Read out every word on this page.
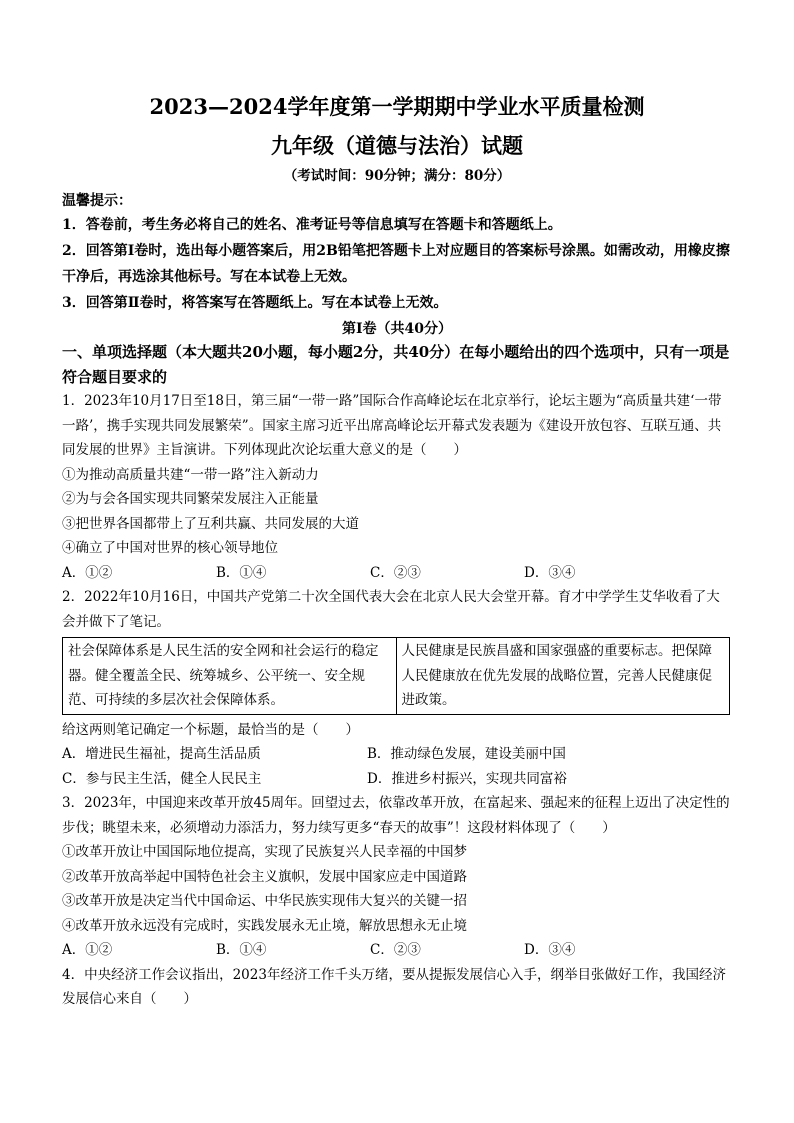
2023—2024学年度第一学期期中学业水平质量检测
九年级（道德与法治）试题
（考试时间：90分钟；满分：80分）
温馨提示：
1．答卷前，考生务必将自己的姓名、准考证号等信息填写在答题卡和答题纸上。
2．回答第Ⅰ卷时，选出每小题答案后，用2B铅笔把答题卡上对应题目的答案标号涂黑。如需改动，用橡皮擦干净后，再选涂其他标号。写在本试卷上无效。
3．回答第Ⅱ卷时，将答案写在答题纸上。写在本试卷上无效。
第Ⅰ卷（共40分）
一、单项选择题（本大题共20小题，每小题2分，共40分）在每小题给出的四个选项中，只有一项是符合题目要求的
1．2023年10月17日至18日，第三届“一带一路”国际合作高峰论坛在北京举行，论坛主题为“高质量共建‘一带一路’，携手实现共同发展繁荣”。国家主席习近平出席高峰论坛开幕式发表题为《建设开放包容、互联互通、共同发展的世界》主旨演讲。下列体现此次论坛重大意义的是（　　）
①为推动高质量共建“一带一路”注入新动力
②为与会各国实现共同繁荣发展注入正能量
③把世界各国都带上了互利共赢、共同发展的大道
④确立了中国对世界的核心领导地位
A．①②	B．①④	C．②③	D．③④
2．2022年10月16日，中国共产党第二十次全国代表大会在北京人民大会堂开幕。育才中学学生艾华收看了大会并做下了笔记。
社会保障体系是人民生活的安全网和社会运行的稳定器。健全覆盖全民、统筹城乡、公平统一、安全规范、可持续的多层次社会保障体系。	人民健康是民族昌盛和国家强盛的重要标志。把保障人民健康放在优先发展的战略位置，完善人民健康促进政策。
给这两则笔记确定一个标题，最恰当的是（　　）
A．增进民生福祉，提高生活品质	B．推动绿色发展，建设美丽中国
C．参与民主生活，健全人民民主	D．推进乡村振兴，实现共同富裕
3．2023年，中国迎来改革开放45周年。回望过去，依靠改革开放，在富起来、强起来的征程上迈出了决定性的步伐；眺望未来，必须增动力添活力，努力续写更多“春天的故事”！这段材料体现了（　　）
①改革开放让中国国际地位提高，实现了民族复兴人民幸福的中国梦
②改革开放高举起中国特色社会主义旗帜，发展中国家应走中国道路
③改革开放是决定当代中国命运、中华民族实现伟大复兴的关键一招
④改革开放永远没有完成时，实践发展永无止境，解放思想永无止境
A．①②	B．①④	C．②③	D．③④
4．中央经济工作会议指出，2023年经济工作千头万绪，要从提振发展信心入手，纲举目张做好工作，我国经济发展信心来自（　　）
